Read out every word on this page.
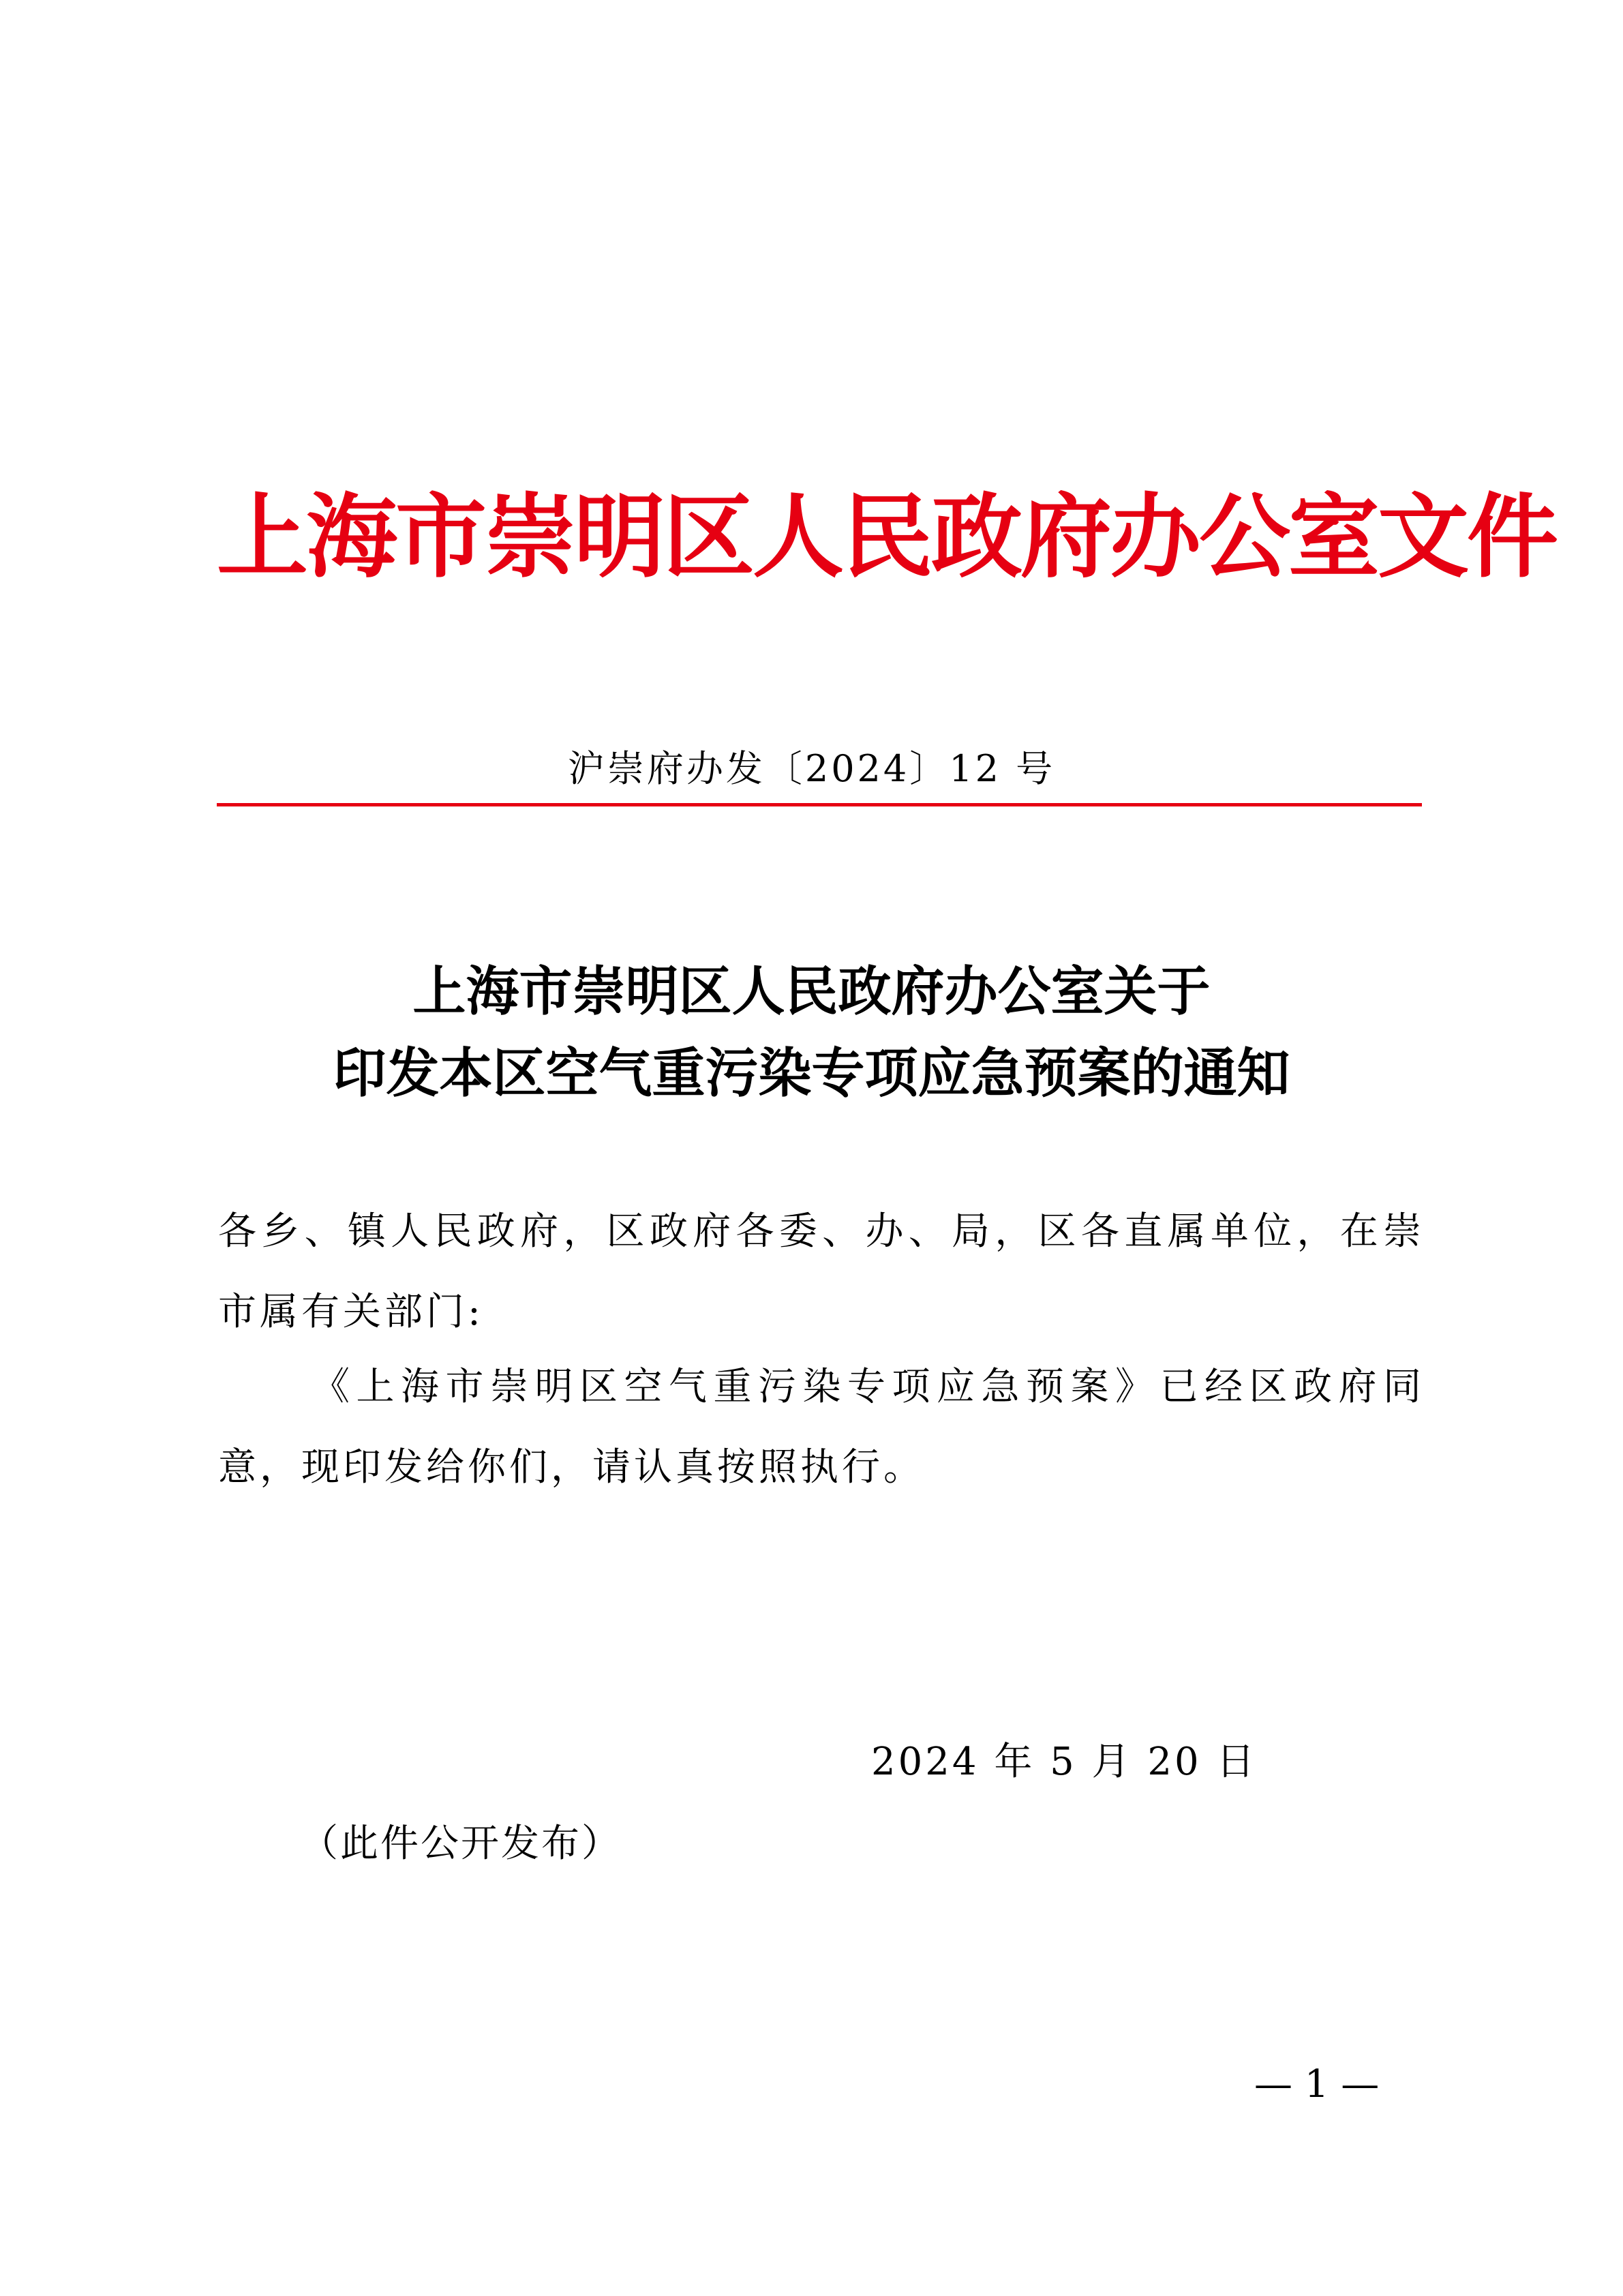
上海市崇明区人民政府办公室文件
沪崇府办发〔2024〕12 号
上海市崇明区人民政府办公室关于
印发本区空气重污染专项应急预案的通知
各乡、镇人民政府，区政府各委、办、局，区各直属单位，在崇
市属有关部门:
《上海市崇明区空气重污染专项应急预案》已经区政府同
意，现印发给你们，请认真按照执行。
2024 年 5 月 20 日
（此件公开发布）
— 1 —
